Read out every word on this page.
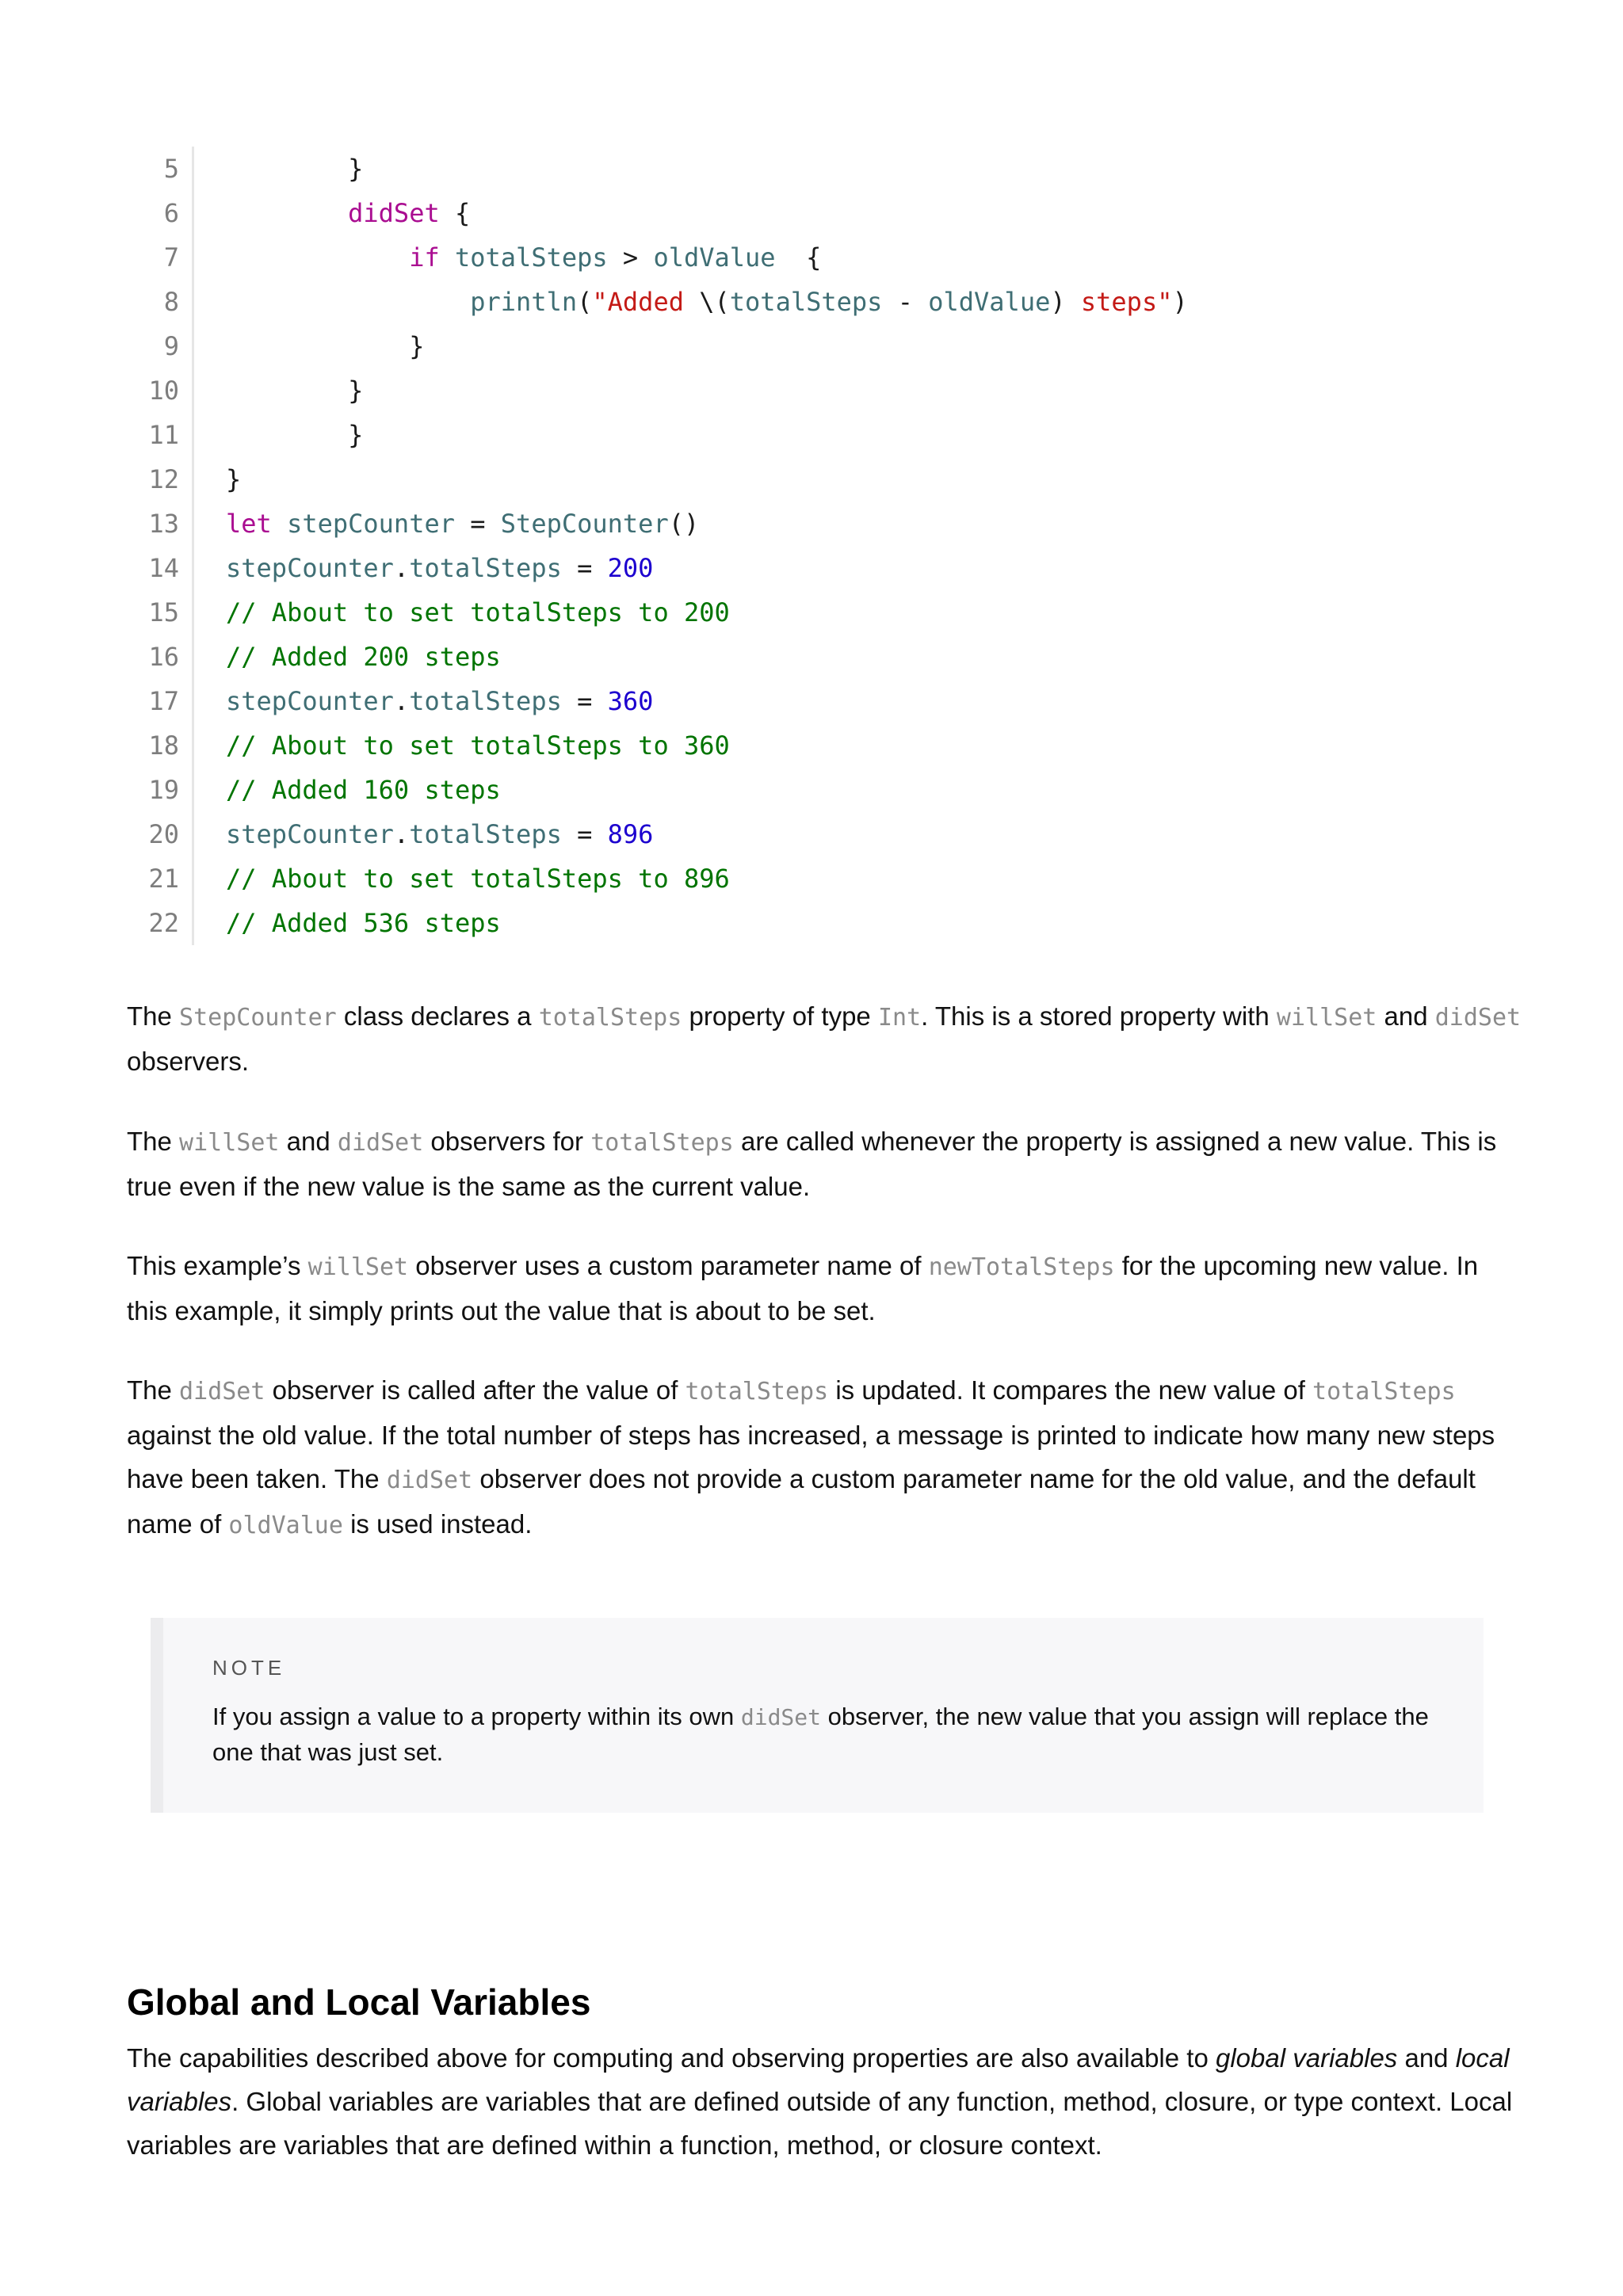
5	}
6	didSet {
7	if totalSteps > oldValue  {
8	println("Added \(totalSteps - oldValue) steps")
9	}
10	}
11	}
12	}
13	let stepCounter = StepCounter()
14	stepCounter.totalSteps = 200
15	// About to set totalSteps to 200
16	// Added 200 steps
17	stepCounter.totalSteps = 360
18	// About to set totalSteps to 360
19	// Added 160 steps
20	stepCounter.totalSteps = 896
21	// About to set totalSteps to 896
22	// Added 536 steps
The StepCounter class declares a totalSteps property of type Int. This is a stored property with willSet and didSet observers.
The willSet and didSet observers for totalSteps are called whenever the property is assigned a new value. This is true even if the new value is the same as the current value.
This example’s willSet observer uses a custom parameter name of newTotalSteps for the upcoming new value. In this example, it simply prints out the value that is about to be set.
The didSet observer is called after the value of totalSteps is updated. It compares the new value of totalSteps against the old value. If the total number of steps has increased, a message is printed to indicate how many new steps have been taken. The didSet observer does not provide a custom parameter name for the old value, and the default name of oldValue is used instead.
NOTE
If you assign a value to a property within its own didSet observer, the new value that you assign will replace the one that was just set.
Global and Local Variables
The capabilities described above for computing and observing properties are also available to global variables and local variables. Global variables are variables that are defined outside of any function, method, closure, or type context. Local variables are variables that are defined within a function, method, or closure context.
